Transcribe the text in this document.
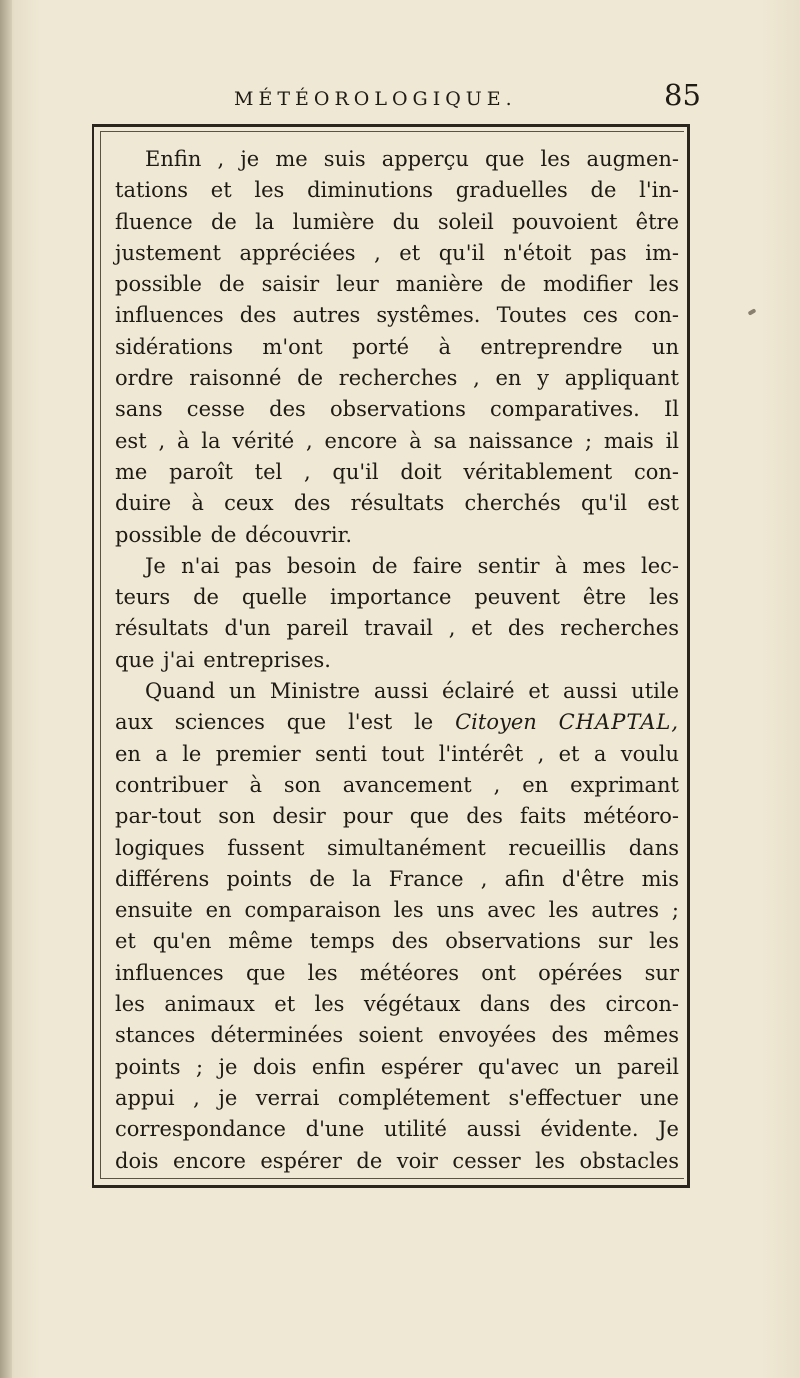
MÉTÉOROLOGIQUE.	85
Enfin , je me suis apperçu que les augmen-
tations et les diminutions graduelles de l'in-
fluence de la lumière du soleil pouvoient être
justement appréciées , et qu'il n'étoit pas im-
possible de saisir leur manière de modifier les
influences des autres systêmes. Toutes ces con-
sidérations m'ont porté à entreprendre un
ordre raisonné de recherches , en y appliquant
sans cesse des observations comparatives. Il
est , à la vérité , encore à sa naissance ; mais il
me paroît tel , qu'il doit véritablement con-
duire à ceux des résultats cherchés qu'il est
possible de découvrir.
Je n'ai pas besoin de faire sentir à mes lec-
teurs de quelle importance peuvent être les
résultats d'un pareil travail , et des recherches
que j'ai entreprises.
Quand un Ministre aussi éclairé et aussi utile
aux sciences que l'est le Citoyen CHAPTAL,
en a le premier senti tout l'intérêt , et a voulu
contribuer à son avancement , en exprimant
par-tout son desir pour que des faits météoro-
logiques fussent simultanément recueillis dans
différens points de la France , afin d'être mis
ensuite en comparaison les uns avec les autres ;
et qu'en même temps des observations sur les
influences que les météores ont opérées sur
les animaux et les végétaux dans des circon-
stances déterminées soient envoyées des mêmes
points ; je dois enfin espérer qu'avec un pareil
appui , je verrai complétement s'effectuer une
correspondance d'une utilité aussi évidente. Je
dois encore espérer de voir cesser les obstacles
